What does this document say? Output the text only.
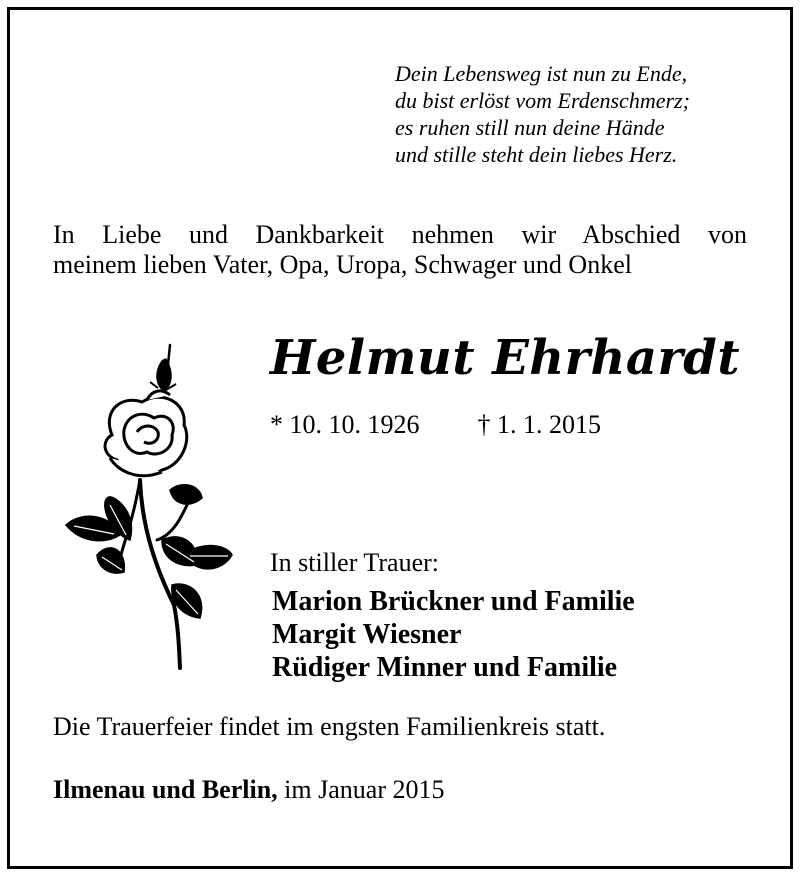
Dein Lebensweg ist nun zu Ende,
du bist erlöst vom Erdenschmerz;
es ruhen still nun deine Hände
und stille steht dein liebes Herz.
In Liebe und Dankbarkeit nehmen wir Abschied von
meinem lieben Vater, Opa, Uropa, Schwager und Onkel
Helmut Ehrhardt
* 10. 10. 1926 † 1. 1. 2015
In stiller Trauer:
Marion Brückner und Familie
Margit Wiesner
Rüdiger Minner und Familie
Die Trauerfeier findet im engsten Familienkreis statt.
Ilmenau und Berlin, im Januar 2015
